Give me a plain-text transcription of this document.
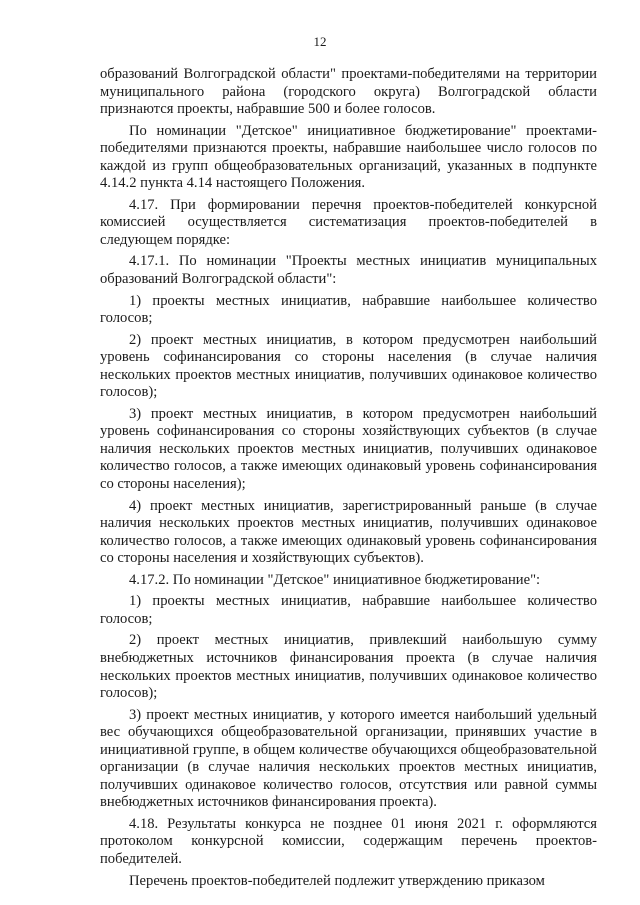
12

образований Волгоградской области" проектами-победителями на территории муниципального района (городского округа) Волгоградской области признаются проекты, набравшие 500 и более голосов.

По номинации "Детское" инициативное бюджетирование" проектами-победителями признаются проекты, набравшие наибольшее число голосов по каждой из групп общеобразовательных организаций, указанных в подпункте 4.14.2 пункта 4.14 настоящего Положения.

4.17. При формировании перечня проектов-победителей конкурсной комиссией осуществляется систематизация проектов-победителей в следующем порядке:

4.17.1. По номинации "Проекты местных инициатив муниципальных образований Волгоградской области":

1) проекты местных инициатив, набравшие наибольшее количество голосов;

2) проект местных инициатив, в котором предусмотрен наибольший уровень софинансирования со стороны населения (в случае наличия нескольких проектов местных инициатив, получивших одинаковое количество голосов);

3) проект местных инициатив, в котором предусмотрен наибольший уровень софинансирования со стороны хозяйствующих субъектов (в случае наличия нескольких проектов местных инициатив, получивших одинаковое количество голосов, а также имеющих одинаковый уровень софинансирования со стороны населения);

4) проект местных инициатив, зарегистрированный раньше (в случае наличия нескольких проектов местных инициатив, получивших одинаковое количество голосов, а также имеющих одинаковый уровень софинансирования со стороны населения и хозяйствующих субъектов).

4.17.2. По номинации "Детское" инициативное бюджетирование":

1) проекты местных инициатив, набравшие наибольшее количество голосов;

2) проект местных инициатив, привлекший наибольшую сумму внебюджетных источников финансирования проекта (в случае наличия нескольких проектов местных инициатив, получивших одинаковое количество голосов);

3) проект местных инициатив, у которого имеется наибольший удельный вес обучающихся общеобразовательной организации, принявших участие в инициативной группе, в общем количестве обучающихся общеобразовательной организации (в случае наличия нескольких проектов местных инициатив, получивших одинаковое количество голосов, отсутствия или равной суммы внебюджетных источников финансирования проекта).

4.18. Результаты конкурса не позднее 01 июня 2021 г. оформляются протоколом конкурсной комиссии, содержащим перечень проектов-победителей.

Перечень проектов-победителей подлежит утверждению приказом
